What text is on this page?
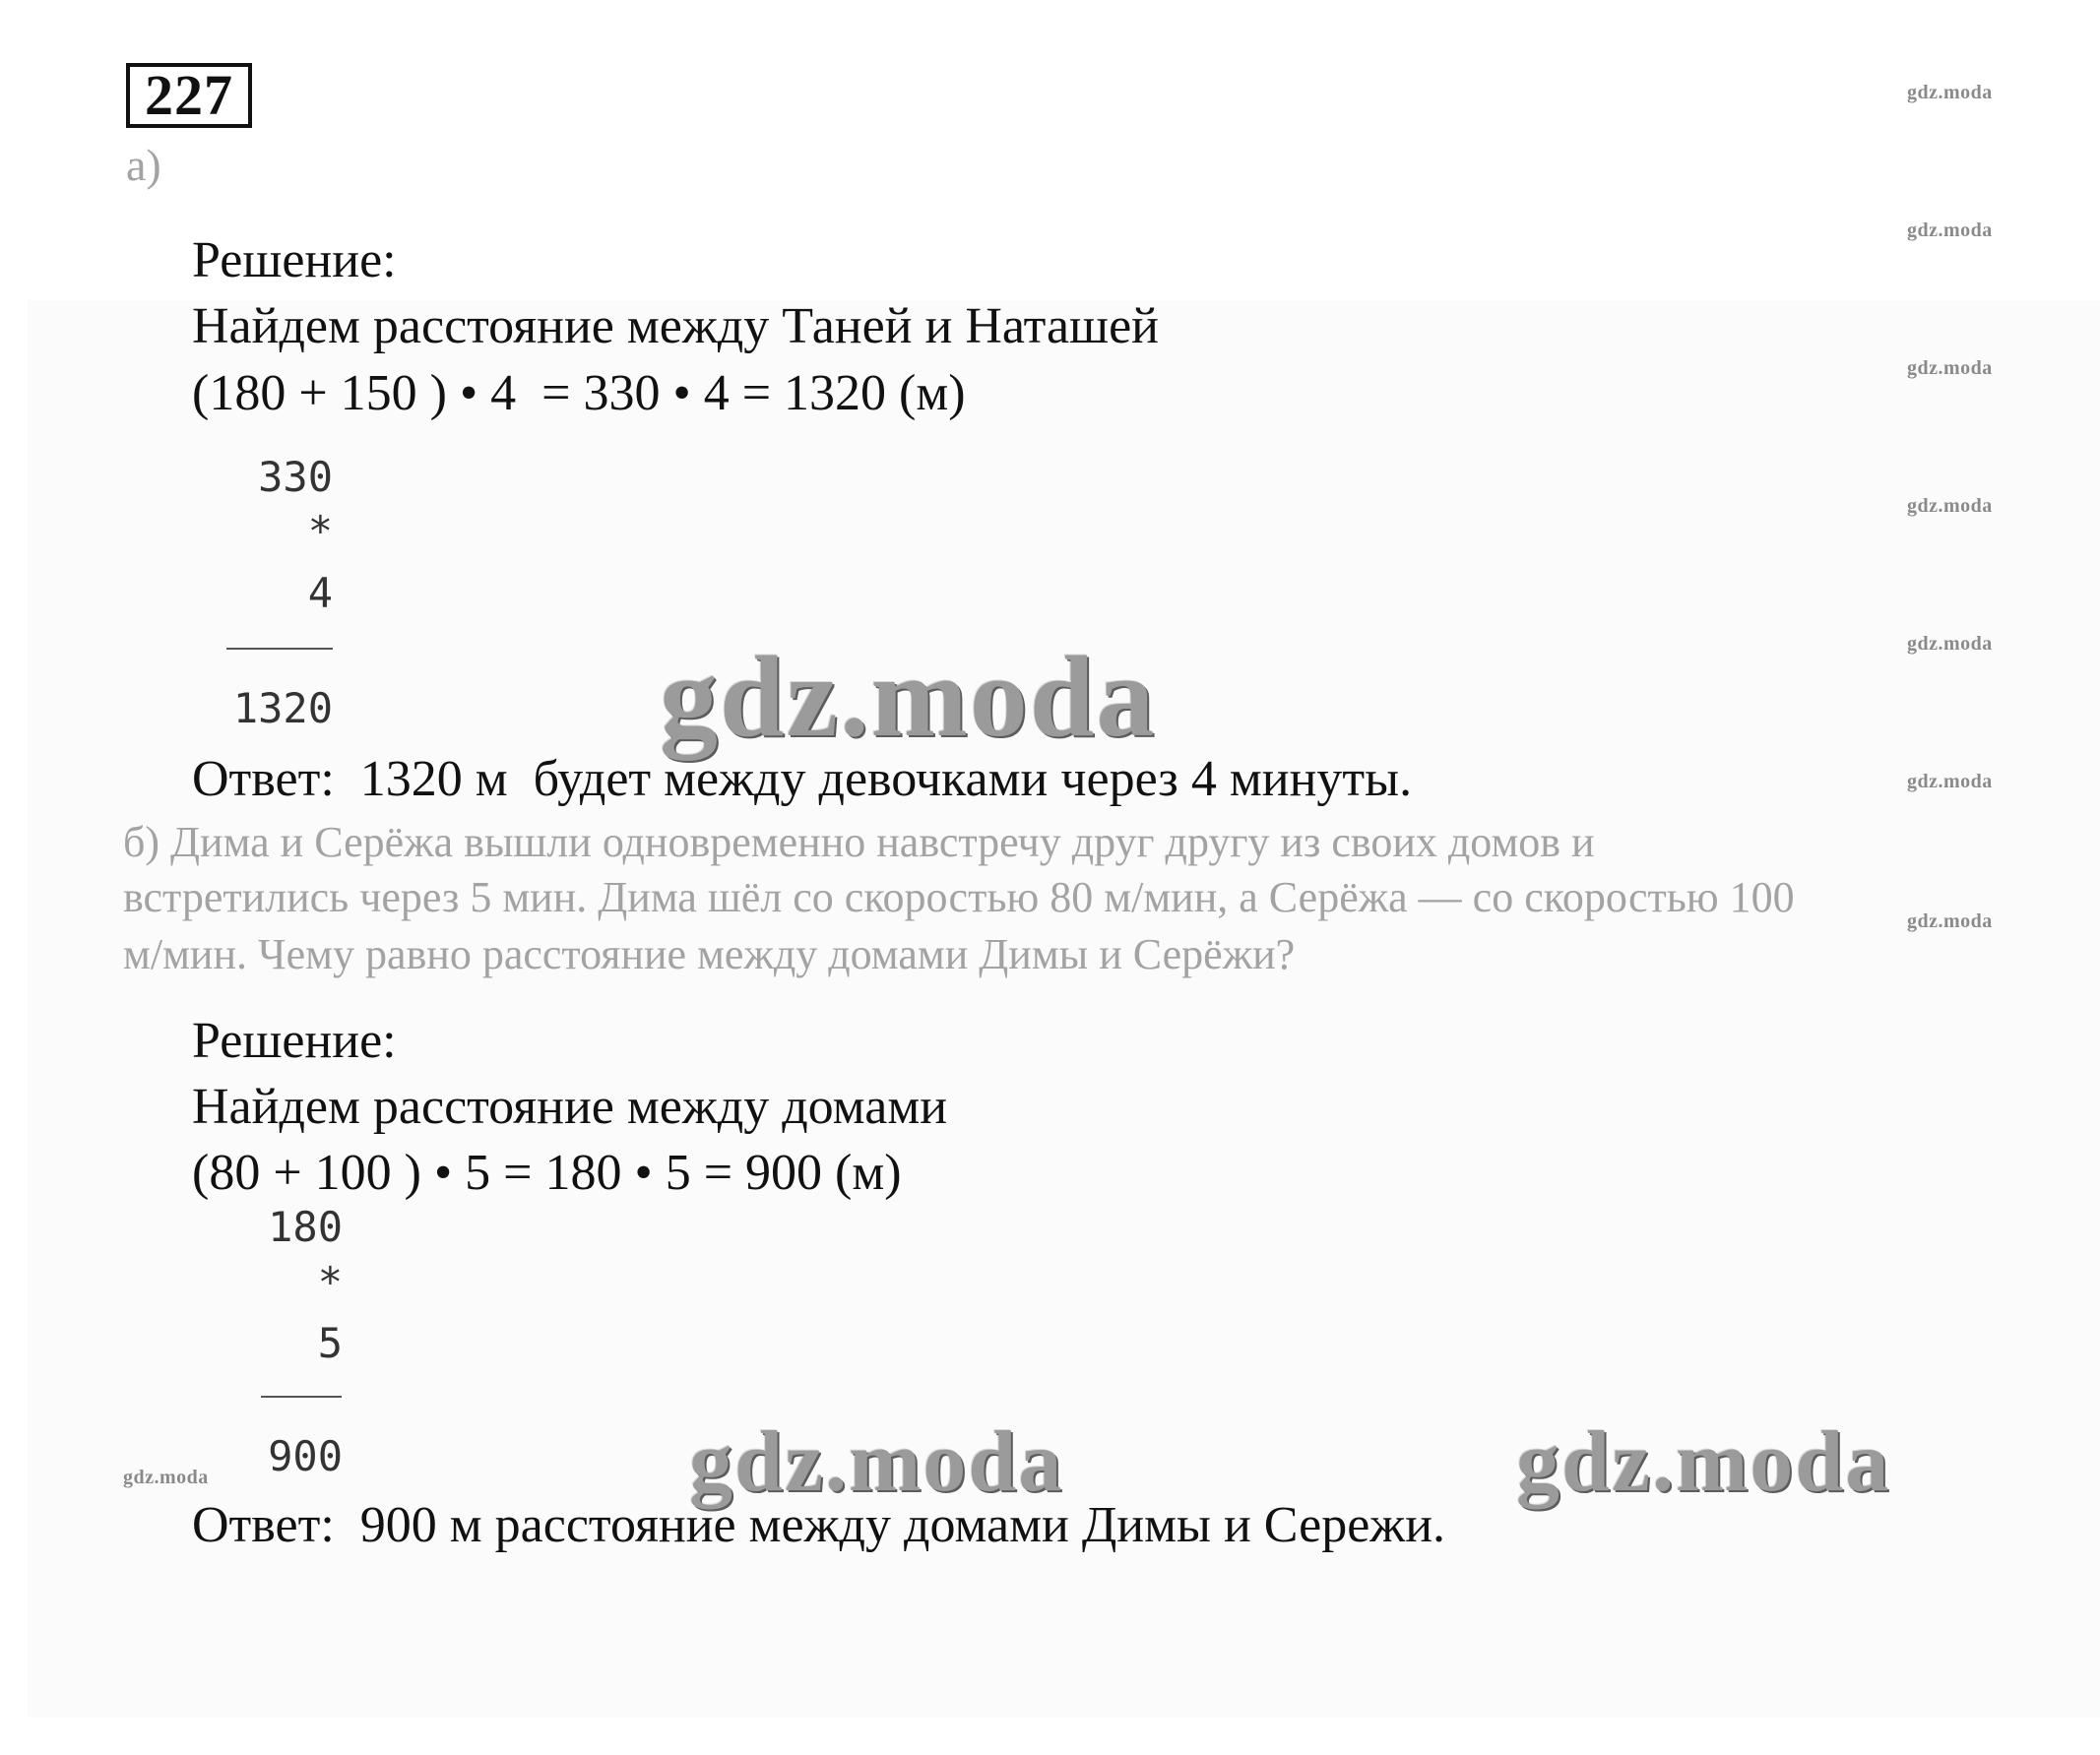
227
а)
Решение:
Найдем расстояние между Таней и Наташей
(180 + 150 ) • 4  = 330 • 4 = 1320 (м)
330
*
4
1320
Ответ:  1320 м  будет между девочками через 4 минуты.
б) Дима и Серёжа вышли одновременно навстречу друг другу из своих домов и
встретились через 5 мин. Дима шёл со скоростью 80 м/мин, а Серёжа — со скоростью 100
м/мин. Чему равно расстояние между домами Димы и Серёжи?
Решение:
Найдем расстояние между домами
(80 + 100 ) • 5 = 180 • 5 = 900 (м)
180
*
5
900
Ответ:  900 м расстояние между домами Димы и Сережи.
gdz.moda
gdz.moda
gdz.moda
gdz.moda
gdz.moda
gdz.moda
gdz.moda
gdz.moda
gdz.moda
gdz.moda	gdz.moda
